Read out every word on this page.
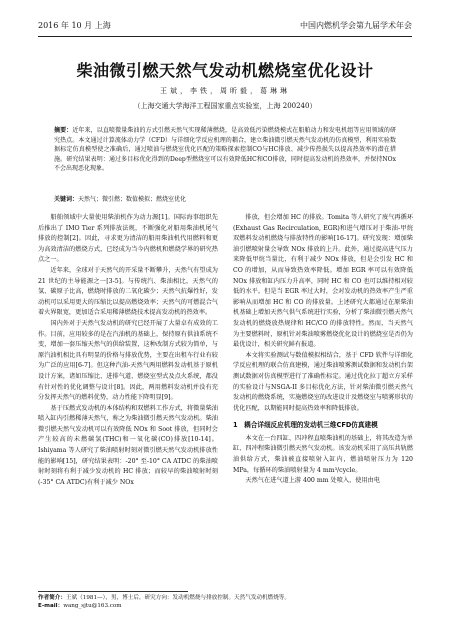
2016 年 10 月 上海	中国内燃机学会第九届学术年会
柴油微引燃天然气发动机燃烧室优化设计
王斌，李铁，周昕毅，葛琳琳
（上海交通大学海洋工程国家重点实验室，上海 200240）
摘要：近年来，以直喷微量柴油的方式引燃天然气实现稀薄燃烧，是高效低污染燃烧模式在船舶动力和发电机组等应用领域的研究热点。本文通过计算流体动力学（CFD）与详细化学反应机理的耦合，建立柴油微引燃天然气发动机的仿真模型，利用实验数据标定仿真模型使之准确后，通过喷油与燃烧室优化匹配的策略探索控制CO与HC排放、减少传热损失以提高热效率的潜在措施。研究结果表明：通过多目标优化得到的Deep型燃烧室可以有效降低HC和CO排放，同时提高发动机的热效率，并保持NOx不会出现恶化现象。
关键词：天然气；微引燃；数值模拟；燃烧室优化

船舶领域中大量使用柴油机作为动力源[1]。国际海事组织先后推出了 IMO Tier 系列排放法规，不断强化对船用柴油机尾气排放的控制[2]。因此，寻求更为清洁的船用柴油机代用燃料和更为高效清洁的燃烧方式，已经成为当今内燃机和燃烧学界的研究热点之一。

近年来，全球对于天然气的开采量不断攀升，天然气有望成为 21 世纪的主导能源之一[3-5]。与传统汽、柴油相比，天然气的氢、碳原子比高，燃烧时排放的二氧化碳少；天然气抗爆性好，发动机可以采用更大的压缩比以提高燃烧效率；天然气的可燃混合气着火界限宽，更加适合采用稀薄燃烧技术提高发动机的热效率。

国内外对于天然气发动机的研究已经开展了大量卓有成效的工作。目前，应用较多的是在汽油机的基础上，保持原有供油系统不变，增加一套压缩天然气的供给装置，这种改制方式较为简单，与原汽油机相比具有明显的价格与排放优势，主要在出租车行业有较为广泛的应用[6-7]。但这种汽油-天然气两用燃料发动机基于原机设计方案，诸如压缩比、进排气道、燃烧室型式及点火系统，都没有针对性的优化调整与设计[8]。因此，两用燃料发动机并没有充分发挥天然气的燃料优势，动力性能下降明显[9]。

基于压燃式发动机的本体结构和双燃料工作方式，将微量柴油喷入缸内引燃稀薄天然气，称之为柴油微引燃天然气发动机。柴油微引燃天然气发动机可以有效降低 NOx 和 Soot 排放，但同时会产生较高的未燃碳氢(THC)和一氧化碳(CO)排放[10-14]。Ishiyama 等人研究了柴油喷射时刻对微引燃天然气发动机排放性能的影响[15]，研究结果表明：-20° 至-10° CA ATDC 的柴油喷射时刻将有利于减少发动机的 HC 排放；而较早的柴油喷射时刻(-35° CA ATDC)有利于减少 NOx

排放，但会增加 HC 的排放。Tomita 等人研究了废气再循环(Exhaust Gas Recirculation, EGR)和进气增压对于柴油-甲烷双燃料发动机燃烧与排放特性的影响[16-17]。研究发现：增加柴油引燃喷射量会导致 NOx 排放的上升。此外，通过提高进气压力来降低甲烷当量比，有利于减少 NOx 排放，但是会引发 HC 和 CO 的增加，从而导致热效率降低。增加 EGR 率可以有效降低 NOx 排放和缸内压力升高率，同时 HC 和 CO 也可以维持相对较低的水平。但是当 EGR 率过大时，会对发动机的热效率产生严重影响从而增加 HC 和 CO 的排放量。上述研究大都通过在原柴油机基础上增加天然气供气系统进行实验，分析了柴油微引燃天然气发动机的燃烧放热规律和 HC/CO 的排放特性。然而，当天然气为主要燃料时，原机针对柴油喷雾燃烧优化设计的燃烧室是否仍为最优设计，相关研究鲜有报道。

本文将实验测试与数值模拟相结合，基于 CFD 软件与详细化学反应机理的联合仿真建模，通过柴油喷雾测试数据和发动机台架测试数据对仿真模型进行了准确性标定。通过优化拉丁超立方采样的实验设计与NSGA-II 多目标优化方法，针对柴油微引燃天然气发动机的燃烧系统，实施燃烧室的改进设计及燃烧室与喷雾形状的优化匹配，以期能同时提高热效率和降低排放。

1　耦合详细反应机理的发动机三维CFD仿真建模

本文在一台四缸、四冲程直喷柴油机的基础上，将其改造为单缸、四冲程柴油微引燃天然气发动机。该发动机采用了高压共轨燃油供给方式，柴油被直接喷射入缸内，燃油喷射压力为 120 MPa，每循环的柴油喷射量为 4 mm³/cycle。

天然气在进气道上游 400 mm 处喷入，使用由电

作者简介：王斌（1981—），男，博士后，研究方向：发动机燃烧与排放控制。天然气发动机燃烧等。
E-mail：wang_sjtu@163.com
